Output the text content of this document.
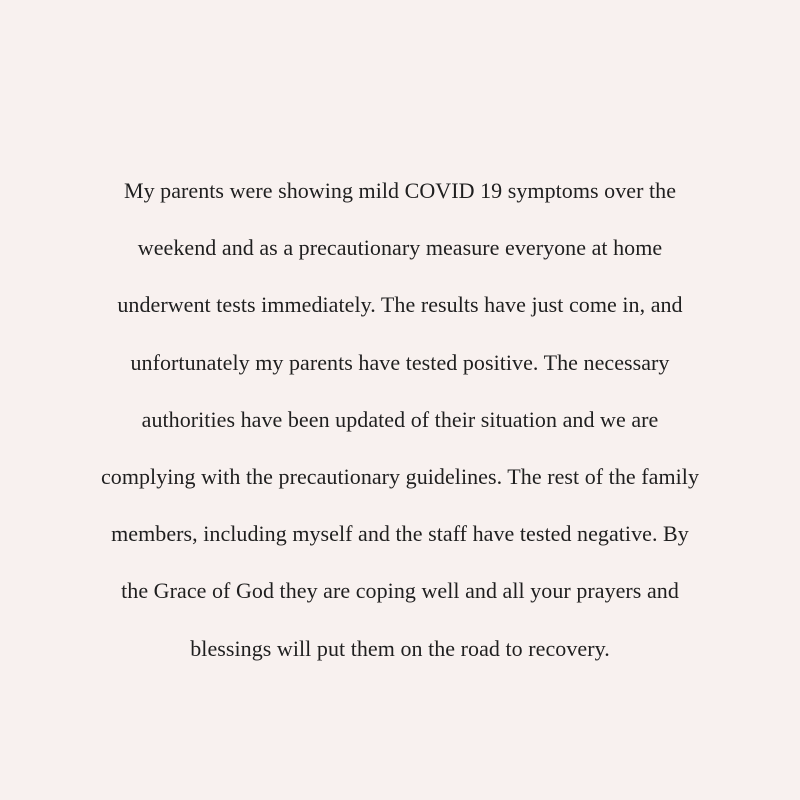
My parents were showing mild COVID 19 symptoms over the
weekend and as a precautionary measure everyone at home
underwent tests immediately. The results have just come in, and
unfortunately my parents have tested positive. The necessary
authorities have been updated of their situation and we are
complying with the precautionary guidelines. The rest of the family
members, including myself and the staff have tested negative. By
the Grace of God they are coping well and all your prayers and
blessings will put them on the road to recovery.
